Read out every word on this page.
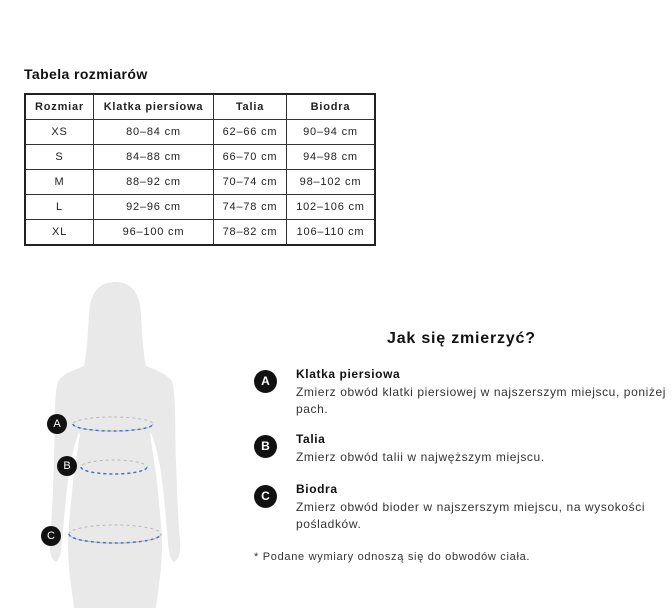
Tabela rozmiarów
Rozmiar	Klatka piersiowa	Talia	Biodra
XS	80–84 cm	62–66 cm	90–94 cm
S	84–88 cm	66–70 cm	94–98 cm
M	88–92 cm	70–74 cm	98–102 cm
L	92–96 cm	74–78 cm	102–106 cm
XL	96–100 cm	78–82 cm	106–110 cm
A
B
C
Jak się zmierzyć?
A	Klatka piersiowa
Zmierz obwód klatki piersiowej w najszerszym miejscu, poniżej pach.
B	Talia
Zmierz obwód talii w najwęższym miejscu.
C	Biodra
Zmierz obwód bioder w najszerszym miejscu, na wysokości pośladków.
* Podane wymiary odnoszą się do obwodów ciała.
